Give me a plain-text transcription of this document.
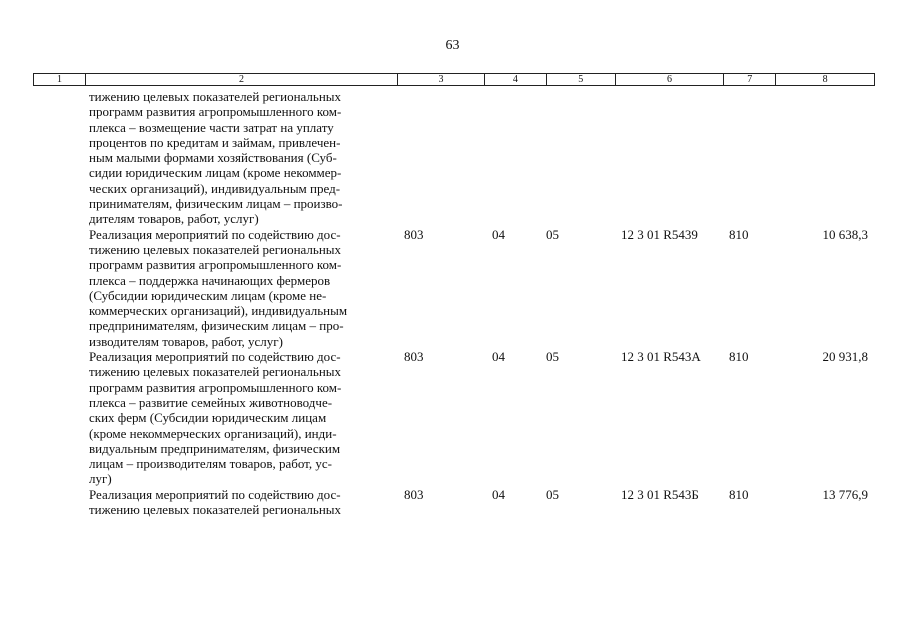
63
1	2	3	4	5	6	7	8
тижению целевых показателей региональных
программ развития агропромышленного ком-
плекса – возмещение части затрат на уплату
процентов по кредитам и займам, привлечен-
ным малыми формами хозяйствования (Суб-
сидии юридическим лицам (кроме некоммер-
ческих организаций), индивидуальным пред-
принимателям, физическим лицам – произво-
дителям товаров, работ, услуг)
Реализация мероприятий по содействию дос-
тижению целевых показателей региональных
программ развития агропромышленного ком-
плекса – поддержка начинающих фермеров
(Субсидии юридическим лицам (кроме не-
коммерческих организаций), индивидуальным
предпринимателям, физическим лицам – про-
изводителям товаров, работ, услуг)
803	04	05	12 3 01 R5439 810	10 638,3
Реализация мероприятий по содействию дос-
тижению целевых показателей региональных
программ развития агропромышленного ком-
плекса – развитие семейных животноводче-
ских ферм (Субсидии юридическим лицам
(кроме некоммерческих организаций), инди-
видуальным предпринимателям, физическим
лицам – производителям товаров, работ, ус-
луг)
803	04	05	12 3 01 R543А 810	20 931,8
Реализация мероприятий по содействию дос-
тижению целевых показателей региональных
803	04	05	12 3 01 R543Б 810	13 776,9
